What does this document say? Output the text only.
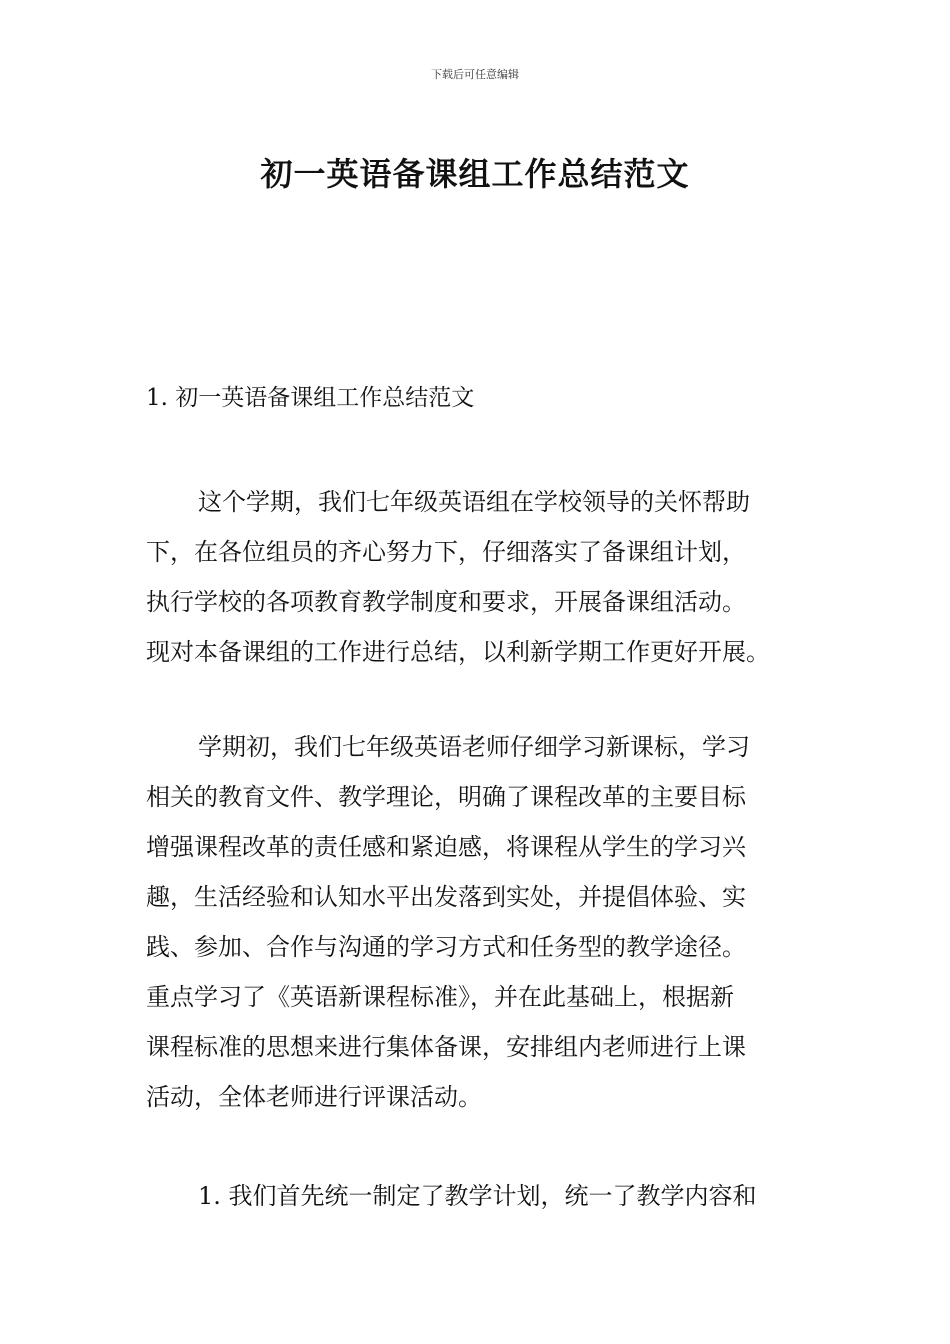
下载后可任意编辑
初一英语备课组工作总结范文
1. 初一英语备课组工作总结范文
这个学期，我们七年级英语组在学校领导的关怀帮助
下，在各位组员的齐心努力下，仔细落实了备课组计划，
执行学校的各项教育教学制度和要求，开展备课组活动。
现对本备课组的工作进行总结，以利新学期工作更好开展。
学期初，我们七年级英语老师仔细学习新课标，学习
相关的教育文件、教学理论，明确了课程改革的主要目标
增强课程改革的责任感和紧迫感，将课程从学生的学习兴
趣，生活经验和认知水平出发落到实处，并提倡体验、实
践、参加、合作与沟通的学习方式和任务型的教学途径。
重点学习了《英语新课程标准》，并在此基础上，根据新
课程标准的思想来进行集体备课，安排组内老师进行上课
活动，全体老师进行评课活动。
1. 我们首先统一制定了教学计划，统一了教学内容和
